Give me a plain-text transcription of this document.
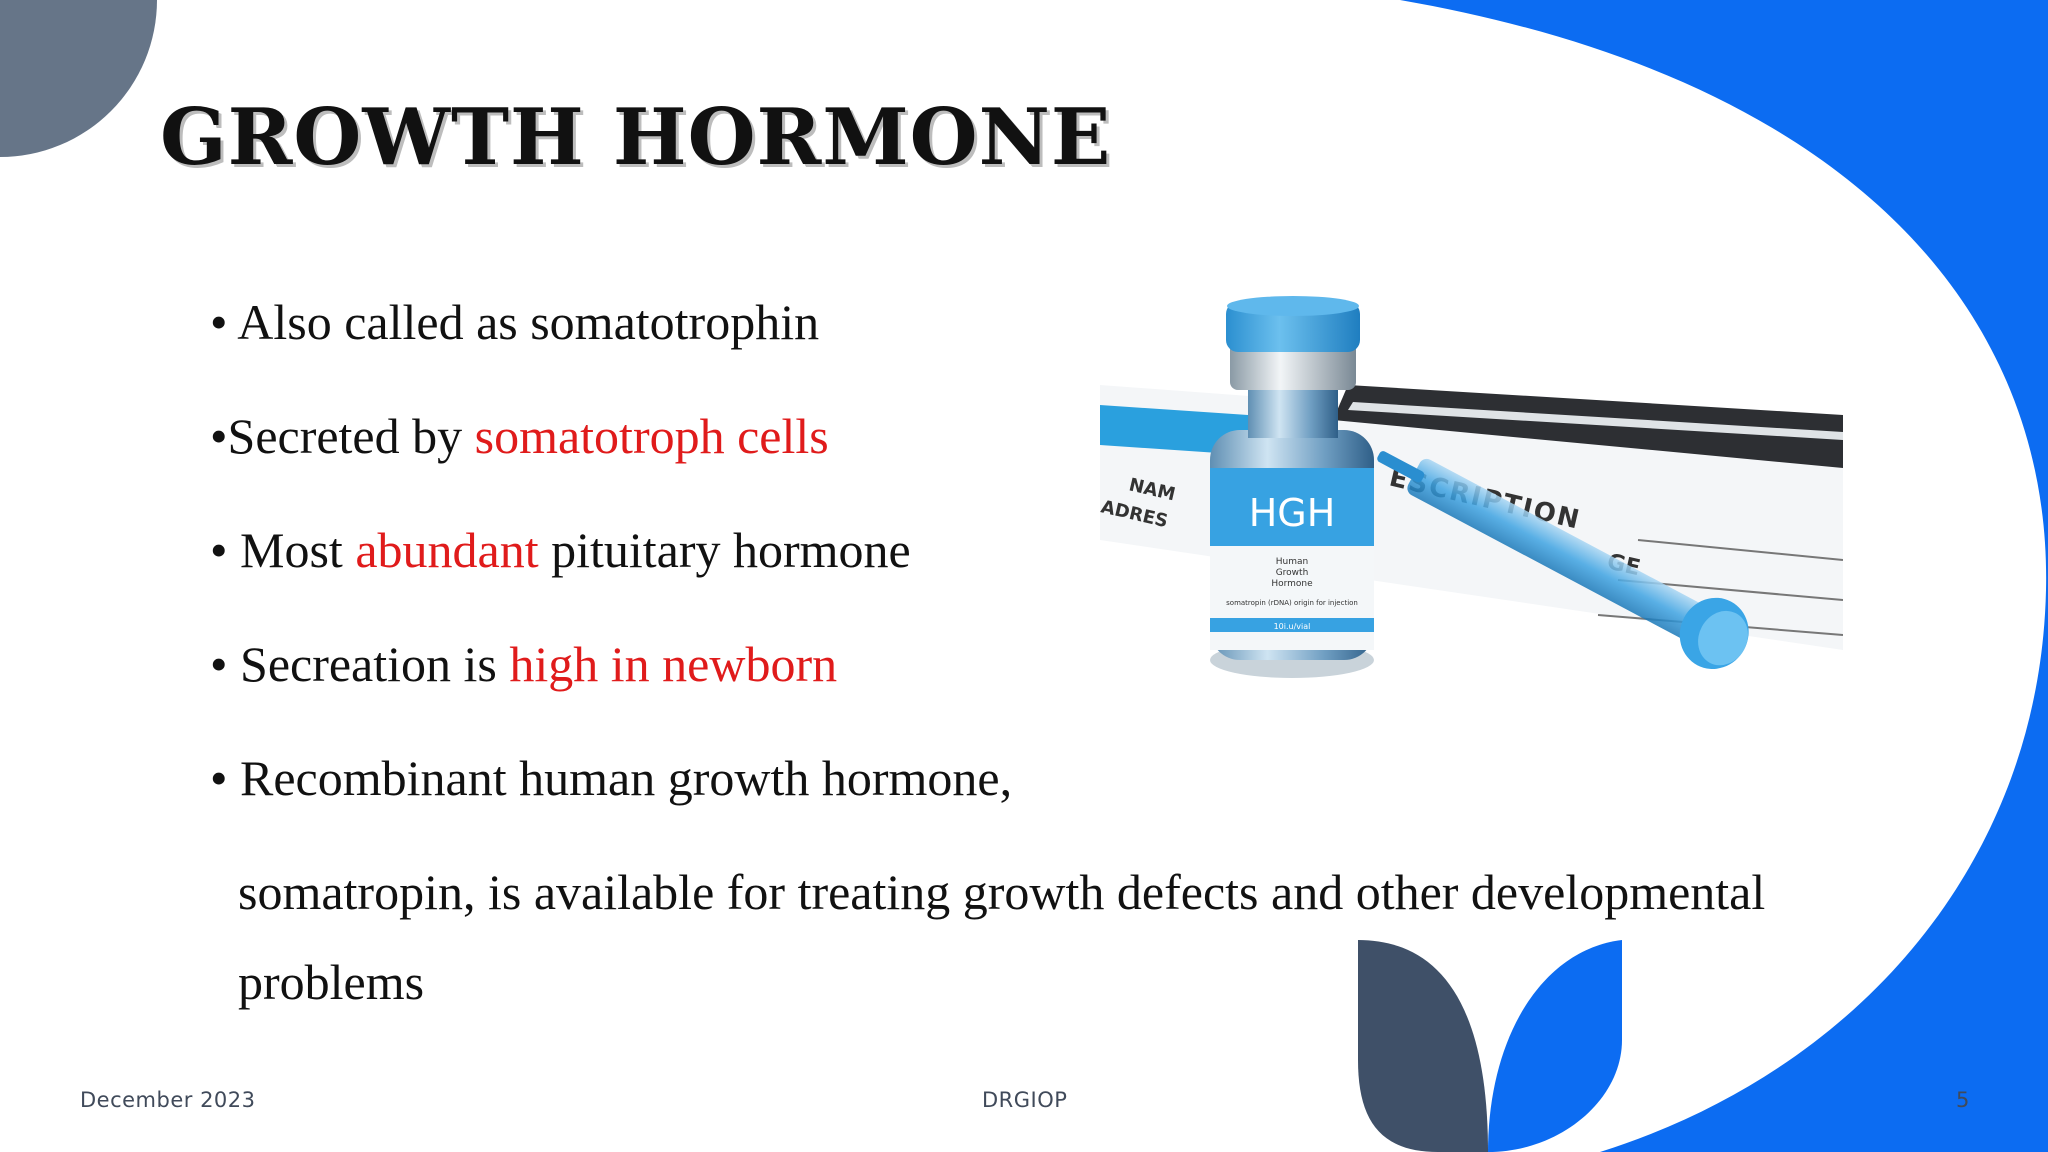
GROWTH HORMONE
• Also called as somatotrophin
•Secreted by somatotroph cells
• Most abundant pituitary hormone
• Secreation is high in newborn
• Recombinant human growth hormone,
somatropin, is available for treating growth defects and other developmental
problems
NAM
ADRES HGH
Human
Growth
Hormone
somatropin (rDNA) origin for injection
10i.u/vial
December 2023	DRGIOP	5
